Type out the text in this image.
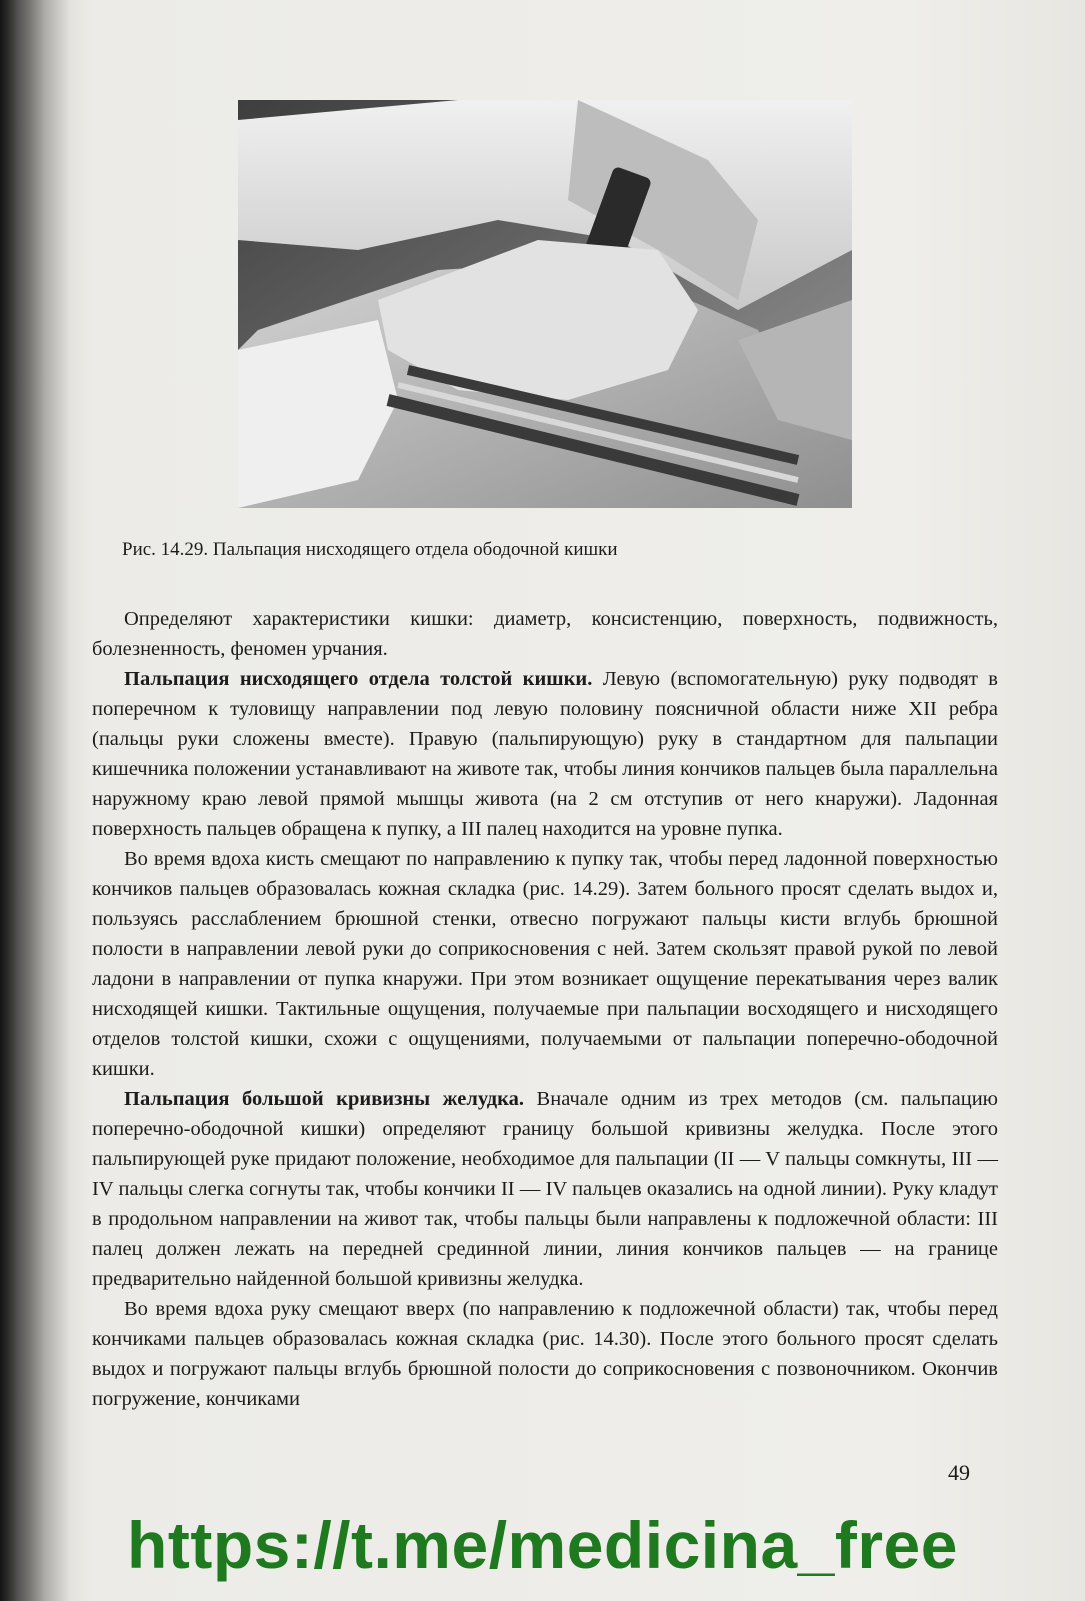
Рис. 14.29. Пальпация нисходящего отдела ободочной кишки

Определяют характеристики кишки: диаметр, консистенцию, поверхность, подвижность, болезненность, феномен урчания.

Пальпация нисходящего отдела толстой кишки. Левую (вспомогательную) руку подводят в поперечном к туловищу направлении под левую половину поясничной области ниже XII ребра (пальцы руки сложены вместе). Правую (пальпирующую) руку в стандартном для пальпации кишечника положении устанавливают на животе так, чтобы линия кончиков пальцев была параллельна наружному краю левой прямой мышцы живота (на 2 см отступив от него кнаружи). Ладонная поверхность пальцев обращена к пупку, а III палец находится на уровне пупка.

Во время вдоха кисть смещают по направлению к пупку так, чтобы перед ладонной поверхностью кончиков пальцев образовалась кожная складка (рис. 14.29). Затем больного просят сделать выдох и, пользуясь расслаблением брюшной стенки, отвесно погружают пальцы кисти вглубь брюшной полости в направлении левой руки до соприкосновения с ней. Затем скользят правой рукой по левой ладони в направлении от пупка кнаружи. При этом возникает ощущение перекатывания через валик нисходящей кишки. Тактильные ощущения, получаемые при пальпации восходящего и нисходящего отделов толстой кишки, схожи с ощущениями, получаемыми от пальпации поперечно-ободочной кишки.

Пальпация большой кривизны желудка. Вначале одним из трех методов (см. пальпацию поперечно-ободочной кишки) определяют границу большой кривизны желудка. После этого пальпирующей руке придают положение, необходимое для пальпации (II — V пальцы сомкнуты, III — IV пальцы слегка согнуты так, чтобы кончики II — IV пальцев оказались на одной линии). Руку кладут в продольном направлении на живот так, чтобы пальцы были направлены к подложечной области: III палец должен лежать на передней срединной линии, линия кончиков пальцев — на границе предварительно найденной большой кривизны желудка.

Во время вдоха руку смещают вверх (по направлению к подложечной области) так, чтобы перед кончиками пальцев образовалась кожная складка (рис. 14.30). После этого больного просят сделать выдох и погружают пальцы вглубь брюшной полости до соприкосновения с позвоночником. Окончив погружение, кончиками

49
https://t.me/medicina_free
